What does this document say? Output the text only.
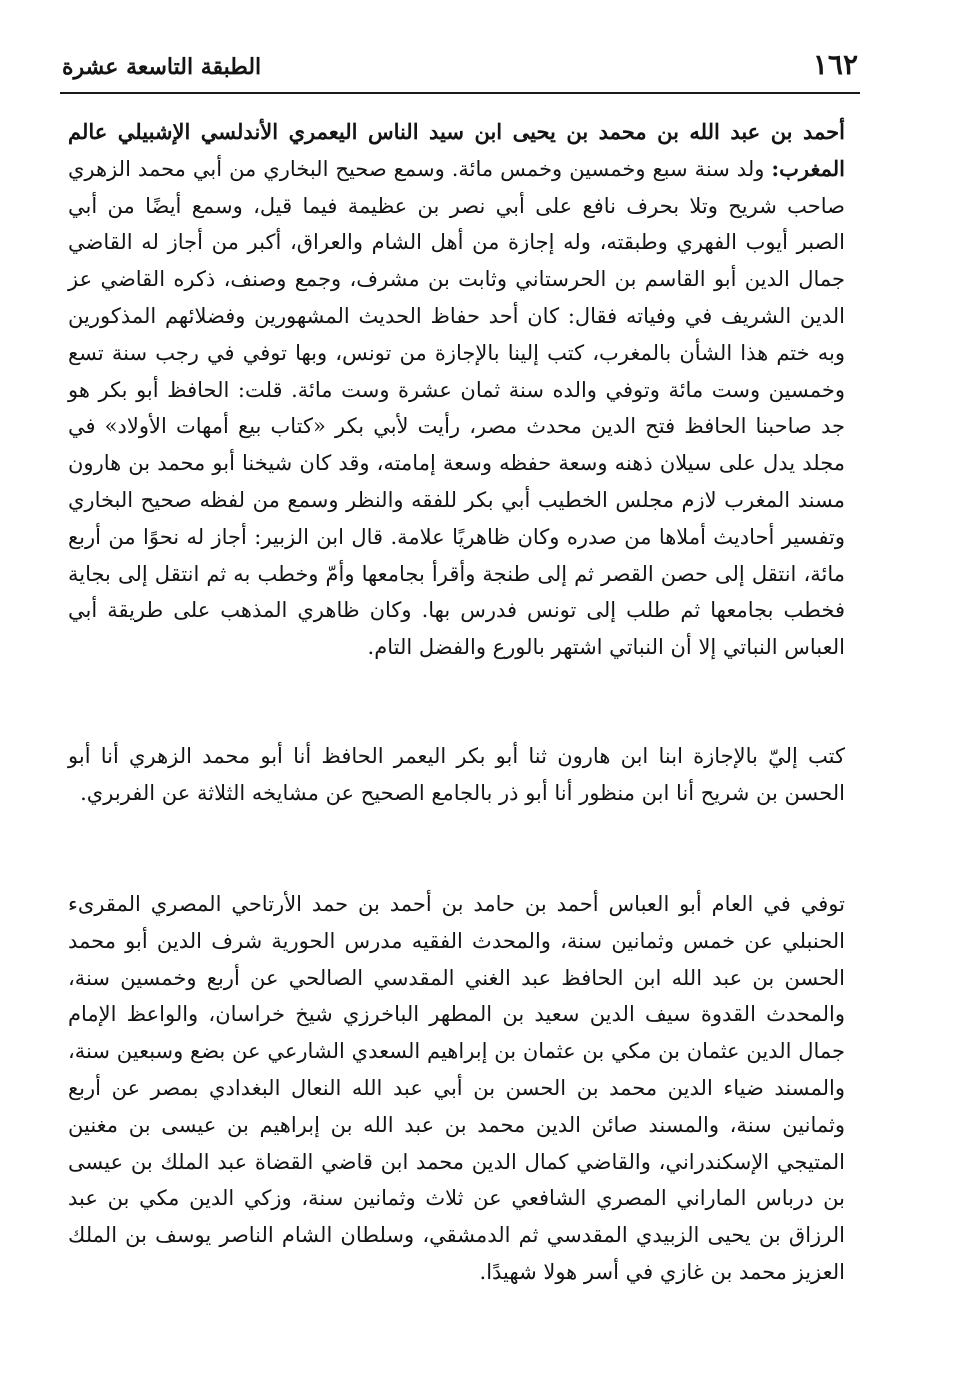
١٦٢
الطبقة التاسعة عشرة

أحمد بن عبد الله بن محمد بن يحيى ابن سيد الناس اليعمري الأندلسي الإشبيلي عالم المغرب: ولد سنة سبع وخمسين وخمس مائة. وسمع صحيح البخاري من أبي محمد الزهري صاحب شريح وتلا بحرف نافع على أبي نصر بن عظيمة فيما قيل، وسمع أيضًا من أبي الصبر أيوب الفهري وطبقته، وله إجازة من أهل الشام والعراق، أكبر من أجاز له القاضي جمال الدين أبو القاسم بن الحرستاني وثابت بن مشرف، وجمع وصنف، ذكره القاضي عز الدين الشريف في وفياته فقال: كان أحد حفاظ الحديث المشهورين وفضلائهم المذكورين وبه ختم هذا الشأن بالمغرب، كتب إلينا بالإجازة من تونس، وبها توفي في رجب سنة تسع وخمسين وست مائة وتوفي والده سنة ثمان عشرة وست مائة. قلت: الحافظ أبو بكر هو جد صاحبنا الحافظ فتح الدين محدث مصر، رأيت لأبي بكر «كتاب بيع أمهات الأولاد» في مجلد يدل على سيلان ذهنه وسعة حفظه وسعة إمامته، وقد كان شيخنا أبو محمد بن هارون مسند المغرب لازم مجلس الخطيب أبي بكر للفقه والنظر وسمع من لفظه صحيح البخاري وتفسير أحاديث أملاها من صدره وكان ظاهريًا علامة. قال ابن الزبير: أجاز له نحوًا من أربع مائة، انتقل إلى حصن القصر ثم إلى طنجة وأقرأ بجامعها وأمّ وخطب به ثم انتقل إلى بجاية فخطب بجامعها ثم طلب إلى تونس فدرس بها. وكان ظاهري المذهب على طريقة أبي العباس النباتي إلا أن النباتي اشتهر بالورع والفضل التام.

كتب إليّ بالإجازة ابنا ابن هارون ثنا أبو بكر اليعمر الحافظ أنا أبو محمد الزهري أنا أبو الحسن بن شريح أنا ابن منظور أنا أبو ذر بالجامع الصحيح عن مشايخه الثلاثة عن الفربري.

توفي في العام أبو العباس أحمد بن حامد بن أحمد بن حمد الأرتاحي المصري المقرىء الحنبلي عن خمس وثمانين سنة، والمحدث الفقيه مدرس الحورية شرف الدين أبو محمد الحسن بن عبد الله ابن الحافظ عبد الغني المقدسي الصالحي عن أربع وخمسين سنة، والمحدث القدوة سيف الدين سعيد بن المطهر الباخرزي شيخ خراسان، والواعظ الإمام جمال الدين عثمان بن مكي بن عثمان بن إبراهيم السعدي الشارعي عن بضع وسبعين سنة، والمسند ضياء الدين محمد بن الحسن بن أبي عبد الله النعال البغدادي بمصر عن أربع وثمانين سنة، والمسند صائن الدين محمد بن عبد الله بن إبراهيم بن عيسى بن مغنين المتيجي الإسكندراني، والقاضي كمال الدين محمد ابن قاضي القضاة عبد الملك بن عيسى بن درباس الماراني المصري الشافعي عن ثلاث وثمانين سنة، وزكي الدين مكي بن عبد الرزاق بن يحيى الزبيدي المقدسي ثم الدمشقي، وسلطان الشام الناصر يوسف بن الملك العزيز محمد بن غازي في أسر هولا شهيدًا.
